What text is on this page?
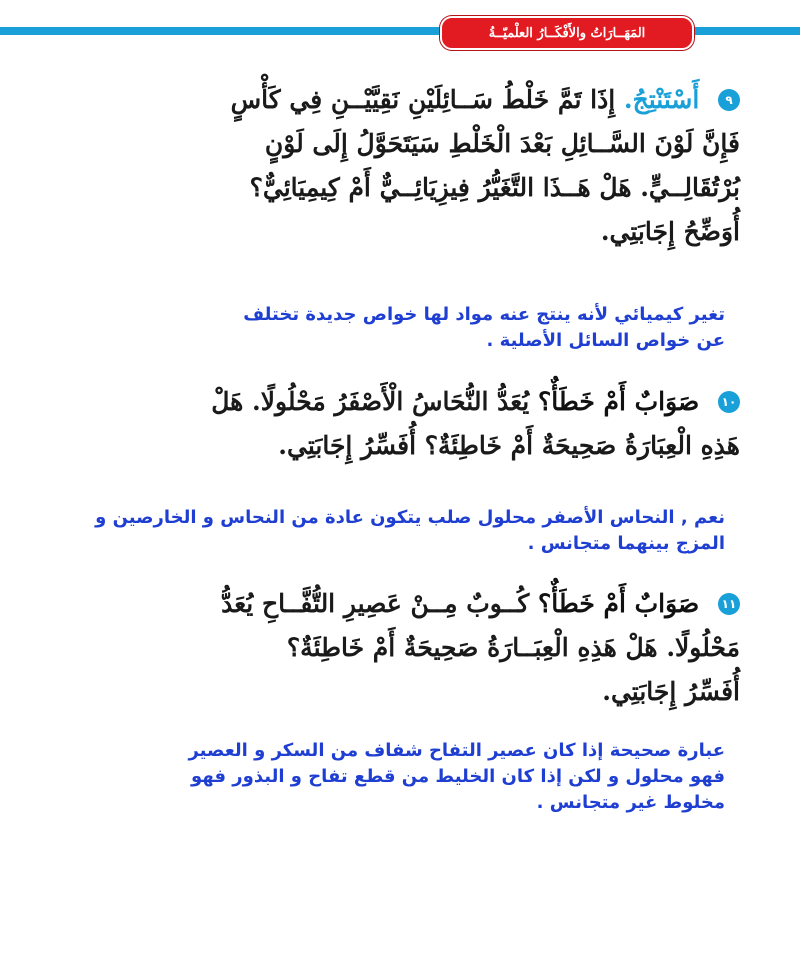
المَهَــارَاتُ والأَفْكَــارُ العلْميّــةُ
٩ أَسْتَنْتِجُ. إِذَا تَمَّ خَلْطُ سَــائِلَيْنِ نَقِيَّيْــنِ فِي كَأْسٍ
فَإِنَّ لَوْنَ السَّــائِلِ بَعْدَ الْخَلْطِ سَيَتَحَوَّلُ إِلَى لَوْنٍ
بُرْتُقَالِــيٍّ. هَلْ هَــذَا التَّغَيُّرُ فِيزِيَائِــيٌّ أَمْ كِيمِيَائِيٌّ؟
أُوَضِّحُ إِجَابَتِي.
تغير كيميائي لأنه ينتج عنه مواد لها خواص جديدة تختلف
عن خواص السائل الأصلية .
١٠ صَوَابٌ أَمْ خَطَأٌ؟ يُعَدُّ النُّحَاسُ الْأَصْفَرُ مَحْلُولًا. هَلْ
هَذِهِ الْعِبَارَةُ صَحِيحَةٌ أَمْ خَاطِئَةٌ؟ أُفَسِّرُ إِجَابَتِي.
نعم , النحاس الأصفر محلول صلب يتكون عادة من النحاس و الخارصين و
المزج بينهما متجانس .
١١ صَوَابٌ أَمْ خَطَأٌ؟ كُــوبٌ مِــنْ عَصِيرِ التُّفَّــاحِ يُعَدُّ
مَحْلُولًا. هَلْ هَذِهِ الْعِبَــارَةُ صَحِيحَةٌ أَمْ خَاطِئَةٌ؟
أُفَسِّرُ إِجَابَتِي.
عبارة صحيحة إذا كان عصير التفاح شفاف من السكر و العصير
فهو محلول و لكن إذا كان الخليط من قطع تفاح و البذور فهو
مخلوط غير متجانس .
